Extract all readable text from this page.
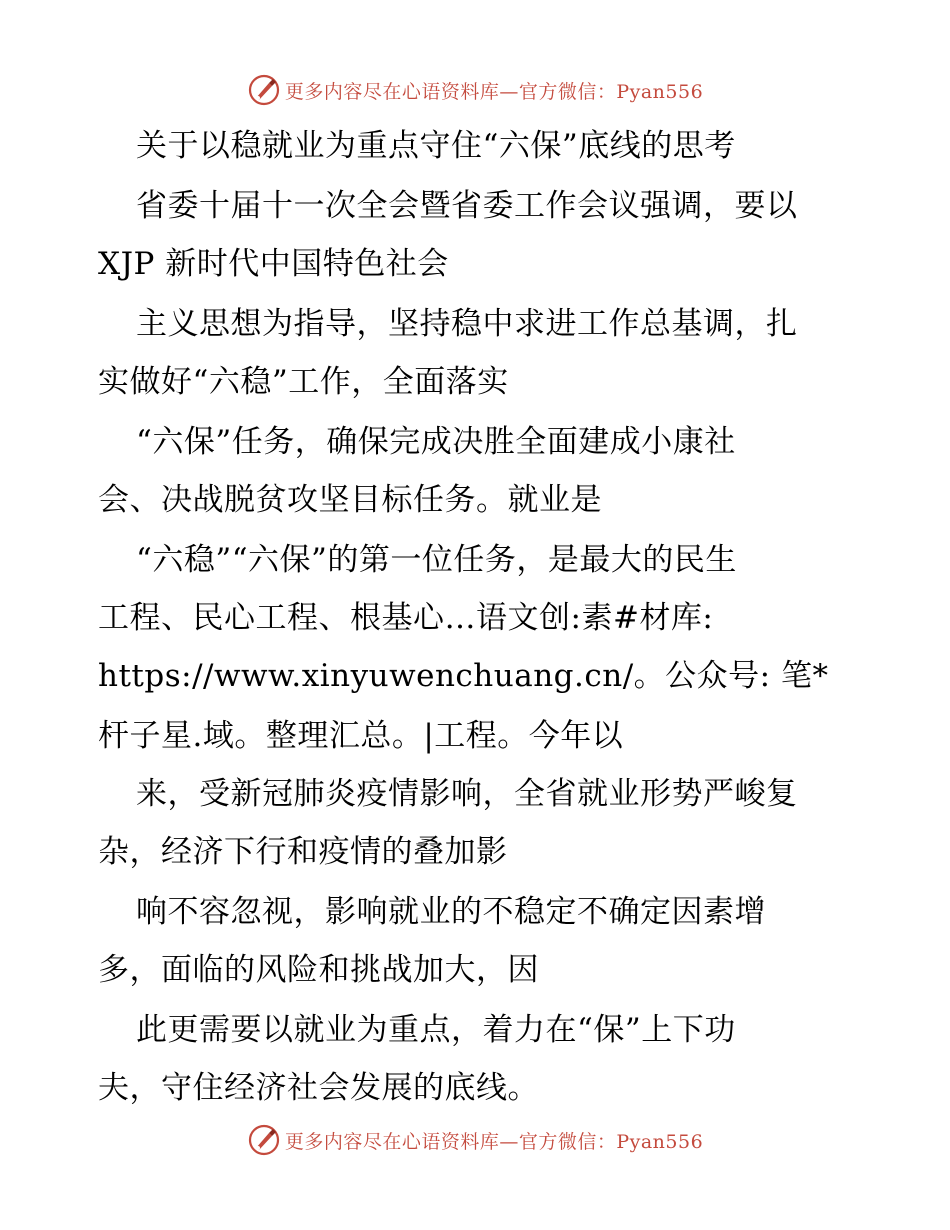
更多内容尽在心语资料库—官方微信：Pyan556
关于以稳就业为重点守住“六保”底线的思考
省委十届十一次全会暨省委工作会议强调，要以
XJP 新时代中国特色社会
主义思想为指导，坚持稳中求进工作总基调，扎
实做好“六稳”工作，全面落实
“六保”任务，确保完成决胜全面建成小康社
会、决战脱贫攻坚目标任务。就业是
“六稳”“六保”的第一位任务，是最大的民生
工程、民心工程、根基心…语文创:素#材库:
https://www.xinyuwenchuang.cn/。公众号: 笔*
杆子星.域。整理汇总。|工程。今年以
来，受新冠肺炎疫情影响，全省就业形势严峻复
杂，经济下行和疫情的叠加影
响不容忽视，影响就业的不稳定不确定因素增
多，面临的风险和挑战加大，因
此更需要以就业为重点，着力在“保”上下功
夫，守住经济社会发展的底线。
更多内容尽在心语资料库—官方微信：Pyan556
